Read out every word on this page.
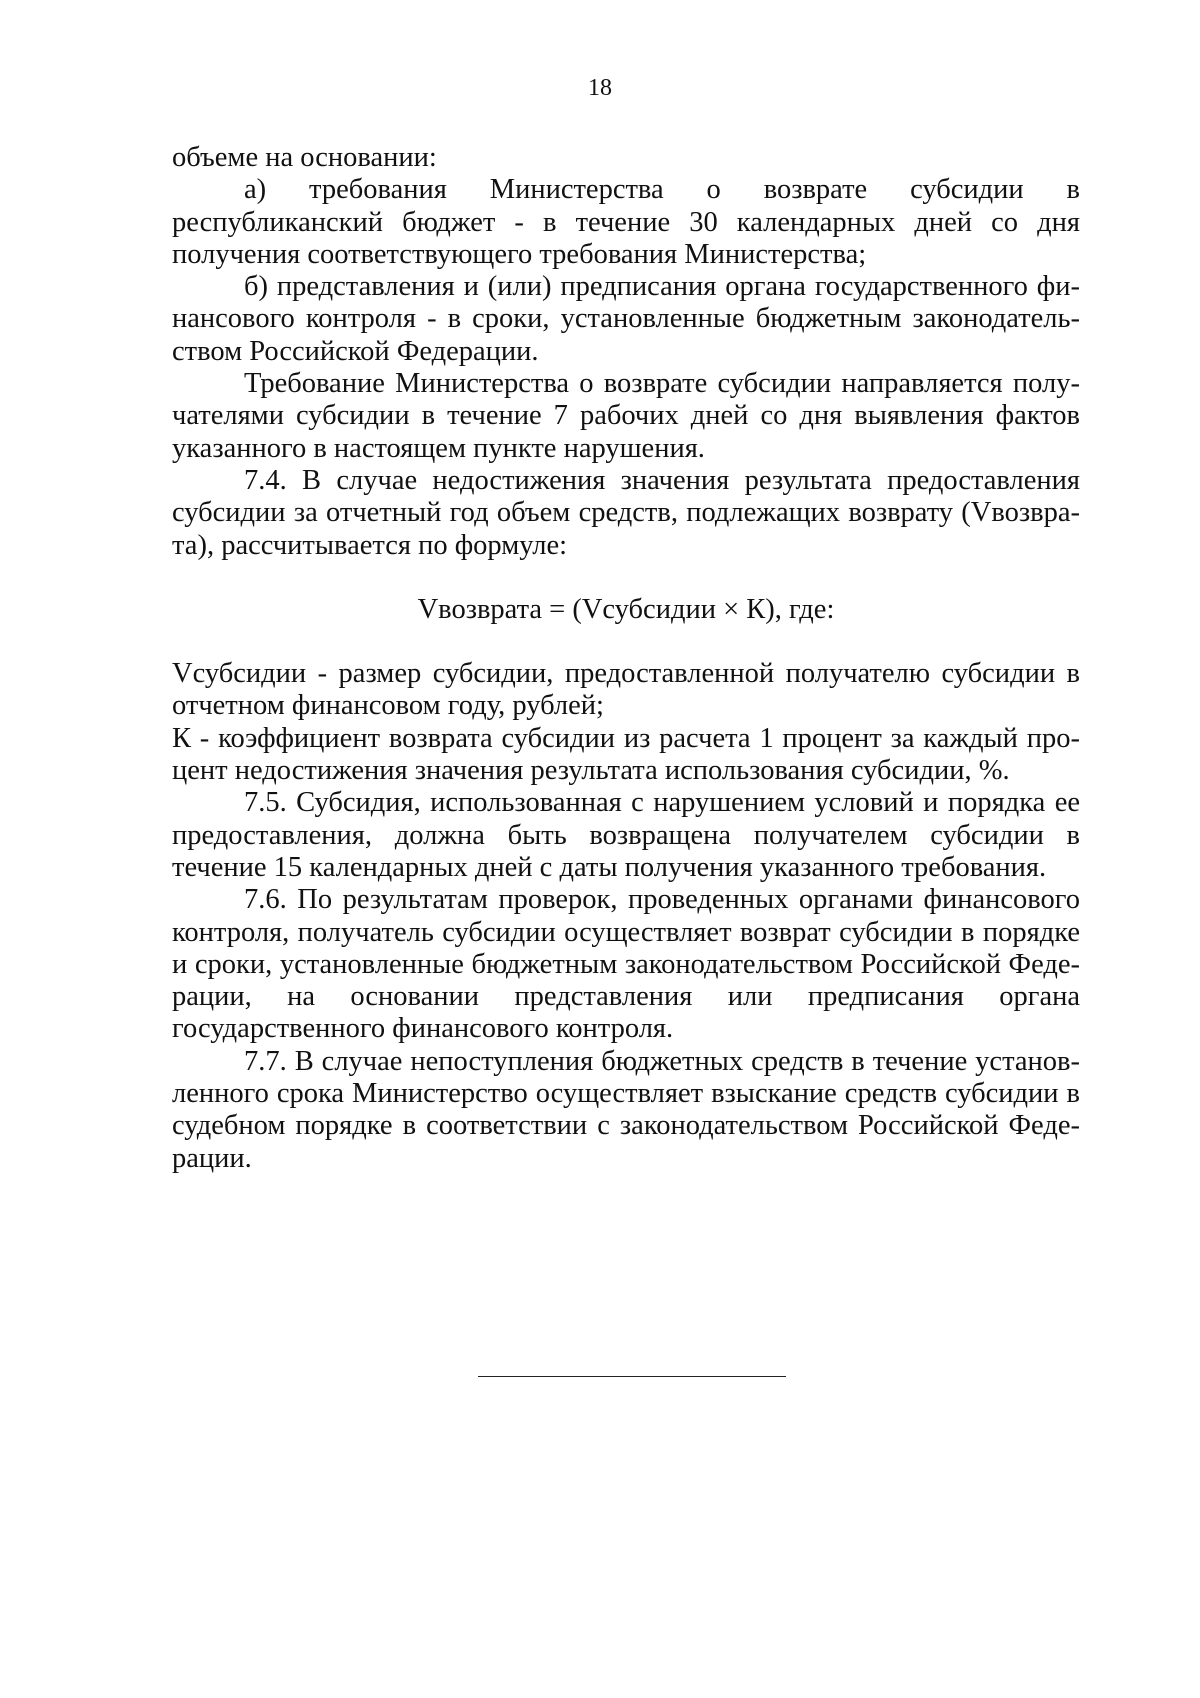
18

объеме на основании:

а) требования Министерства о возврате субсидии в республиканский бюджет - в течение 30 календарных дней со дня получения соответствующего требования Министерства;

б) представления и (или) предписания органа государственного финансового контроля - в сроки, установленные бюджетным законодательством Российской Федерации.

Требование Министерства о возврате субсидии направляется получателями субсидии в течение 7 рабочих дней со дня выявления фактов указанного в настоящем пункте нарушения.

7.4. В случае недостижения значения результата предоставления субсидии за отчетный год объем средств, подлежащих возврату (Vвозврата), рассчитывается по формуле:

Vвозврата = (Vсубсидии × К), где:

Vсубсидии - размер субсидии, предоставленной получателю субсидии в отчетном финансовом году, рублей;

К - коэффициент возврата субсидии из расчета 1 процент за каждый процент недостижения значения результата использования субсидии, %.

7.5. Субсидия, использованная с нарушением условий и порядка ее предоставления, должна быть возвращена получателем субсидии в течение 15 календарных дней с даты получения указанного требования.

7.6. По результатам проверок, проведенных органами финансового контроля, получатель субсидии осуществляет возврат субсидии в порядке и сроки, установленные бюджетным законодательством Российской Федерации, на основании представления или предписания органа государственного финансового контроля.

7.7. В случае непоступления бюджетных средств в течение установленного срока Министерство осуществляет взыскание средств субсидии в судебном порядке в соответствии с законодательством Российской Федерации.
